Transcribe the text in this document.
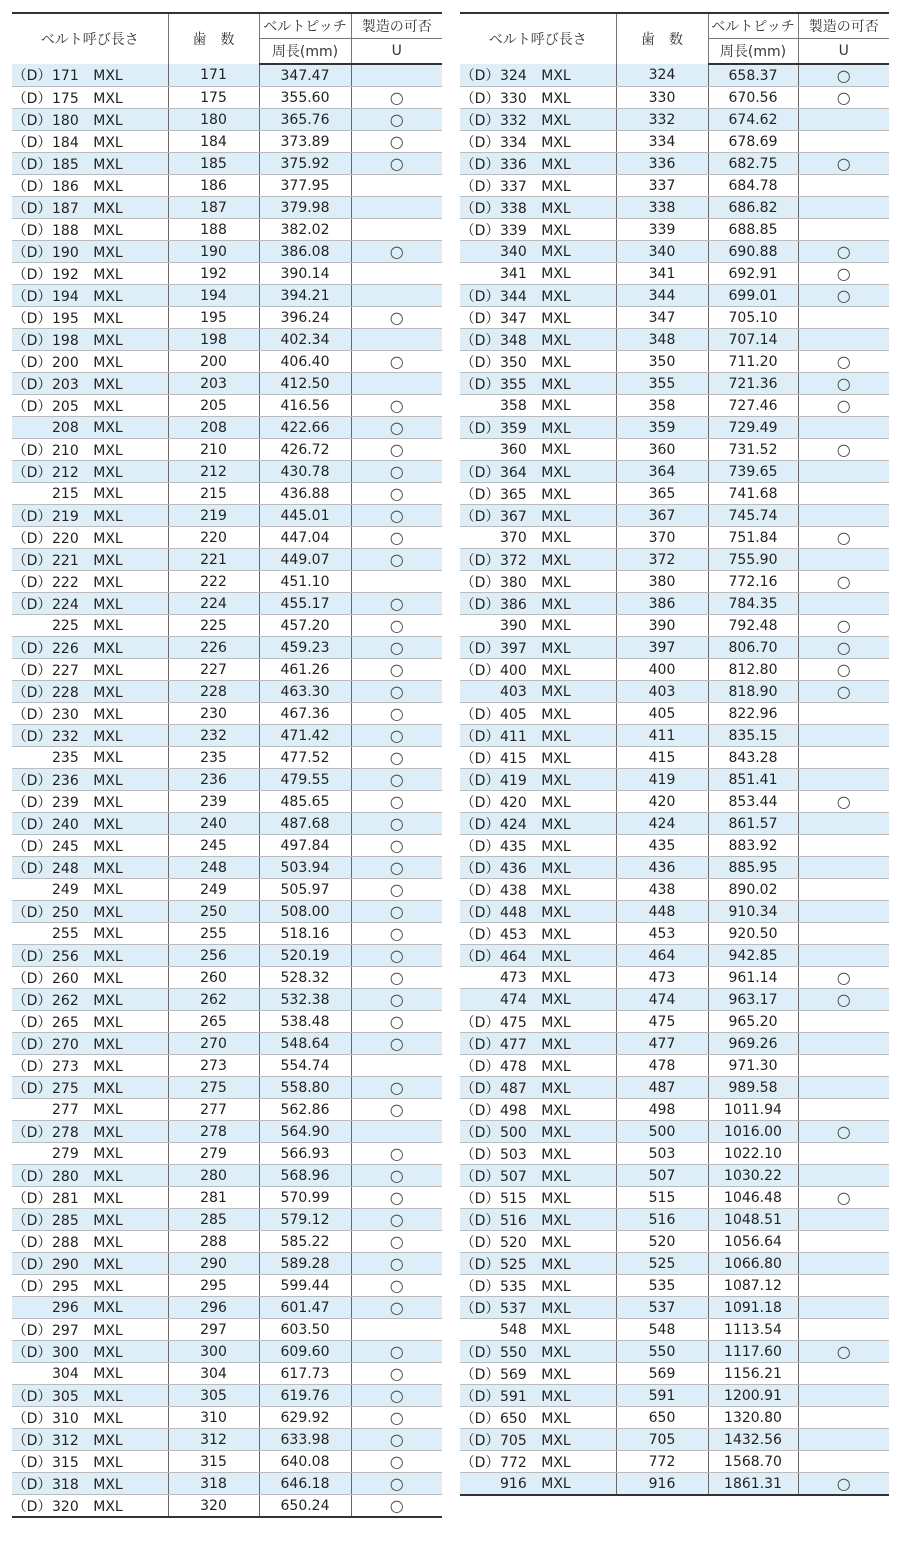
ベルト呼び長さ	歯　数	ベルトピッチ	製造の可否
		周長(mm)	U
（D）171 MXL	171	347.47	
（D）175 MXL	175	355.60	○
（D）180 MXL	180	365.76	○
（D）184 MXL	184	373.89	○
（D）185 MXL	185	375.92	○
（D）186 MXL	186	377.95	
（D）187 MXL	187	379.98	
（D）188 MXL	188	382.02	
（D）190 MXL	190	386.08	○
（D）192 MXL	192	390.14	
（D）194 MXL	194	394.21	
（D）195 MXL	195	396.24	○
（D）198 MXL	198	402.34	
（D）200 MXL	200	406.40	○
（D）203 MXL	203	412.50	
（D）205 MXL	205	416.56	○
208 MXL	208	422.66	○
（D）210 MXL	210	426.72	○
（D）212 MXL	212	430.78	○
215 MXL	215	436.88	○
（D）219 MXL	219	445.01	○
（D）220 MXL	220	447.04	○
（D）221 MXL	221	449.07	○
（D）222 MXL	222	451.10	
（D）224 MXL	224	455.17	○
225 MXL	225	457.20	○
（D）226 MXL	226	459.23	○
（D）227 MXL	227	461.26	○
（D）228 MXL	228	463.30	○
（D）230 MXL	230	467.36	○
（D）232 MXL	232	471.42	○
235 MXL	235	477.52	○
（D）236 MXL	236	479.55	○
（D）239 MXL	239	485.65	○
（D）240 MXL	240	487.68	○
（D）245 MXL	245	497.84	○
（D）248 MXL	248	503.94	○
249 MXL	249	505.97	○
（D）250 MXL	250	508.00	○
255 MXL	255	518.16	○
（D）256 MXL	256	520.19	○
（D）260 MXL	260	528.32	○
（D）262 MXL	262	532.38	○
（D）265 MXL	265	538.48	○
（D）270 MXL	270	548.64	○
（D）273 MXL	273	554.74	
（D）275 MXL	275	558.80	○
277 MXL	277	562.86	○
（D）278 MXL	278	564.90	
279 MXL	279	566.93	○
（D）280 MXL	280	568.96	○
（D）281 MXL	281	570.99	○
（D）285 MXL	285	579.12	○
（D）288 MXL	288	585.22	○
（D）290 MXL	290	589.28	○
（D）295 MXL	295	599.44	○
296 MXL	296	601.47	○
（D）297 MXL	297	603.50	
（D）300 MXL	300	609.60	○
304 MXL	304	617.73	○
（D）305 MXL	305	619.76	○
（D）310 MXL	310	629.92	○
（D）312 MXL	312	633.98	○
（D）315 MXL	315	640.08	○
（D）318 MXL	318	646.18	○
（D）320 MXL	320	650.24	○
ベルト呼び長さ	歯　数	ベルトピッチ	製造の可否
		周長(mm)	U
（D）324 MXL	324	658.37	○
（D）330 MXL	330	670.56	○
（D）332 MXL	332	674.62	
（D）334 MXL	334	678.69	
（D）336 MXL	336	682.75	○
（D）337 MXL	337	684.78	
（D）338 MXL	338	686.82	
（D）339 MXL	339	688.85	
340 MXL	340	690.88	○
341 MXL	341	692.91	○
（D）344 MXL	344	699.01	○
（D）347 MXL	347	705.10	
（D）348 MXL	348	707.14	
（D）350 MXL	350	711.20	○
（D）355 MXL	355	721.36	○
358 MXL	358	727.46	○
（D）359 MXL	359	729.49	
360 MXL	360	731.52	○
（D）364 MXL	364	739.65	
（D）365 MXL	365	741.68	
（D）367 MXL	367	745.74	
370 MXL	370	751.84	○
（D）372 MXL	372	755.90	
（D）380 MXL	380	772.16	○
（D）386 MXL	386	784.35	
390 MXL	390	792.48	○
（D）397 MXL	397	806.70	○
（D）400 MXL	400	812.80	○
403 MXL	403	818.90	○
（D）405 MXL	405	822.96	
（D）411 MXL	411	835.15	
（D）415 MXL	415	843.28	
（D）419 MXL	419	851.41	
（D）420 MXL	420	853.44	○
（D）424 MXL	424	861.57	
（D）435 MXL	435	883.92	
（D）436 MXL	436	885.95	
（D）438 MXL	438	890.02	
（D）448 MXL	448	910.34	
（D）453 MXL	453	920.50	
（D）464 MXL	464	942.85	
473 MXL	473	961.14	○
474 MXL	474	963.17	○
（D）475 MXL	475	965.20	
（D）477 MXL	477	969.26	
（D）478 MXL	478	971.30	
（D）487 MXL	487	989.58	
（D）498 MXL	498	1011.94	
（D）500 MXL	500	1016.00	○
（D）503 MXL	503	1022.10	
（D）507 MXL	507	1030.22	
（D）515 MXL	515	1046.48	○
（D）516 MXL	516	1048.51	
（D）520 MXL	520	1056.64	
（D）525 MXL	525	1066.80	
（D）535 MXL	535	1087.12	
（D）537 MXL	537	1091.18	
548 MXL	548	1113.54	
（D）550 MXL	550	1117.60	○
（D）569 MXL	569	1156.21	
（D）591 MXL	591	1200.91	
（D）650 MXL	650	1320.80	
（D）705 MXL	705	1432.56	
（D）772 MXL	772	1568.70	
916 MXL	916	1861.31	○
